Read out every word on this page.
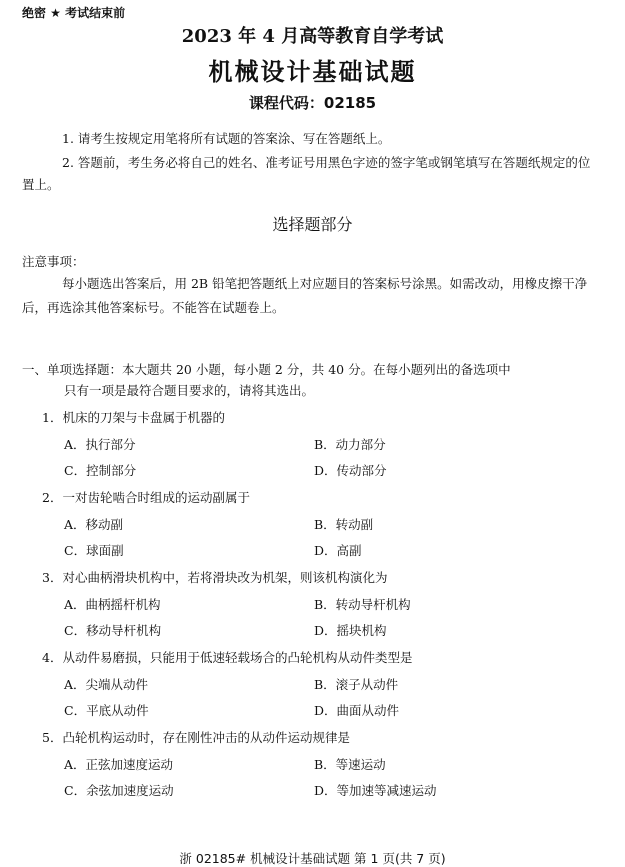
绝密 ★ 考试结束前
2023 年 4 月高等教育自学考试
机械设计基础试题
课程代码：02185
1. 请考生按规定用笔将所有试题的答案涂、写在答题纸上。
2. 答题前，考生务必将自己的姓名、准考证号用黑色字迹的签字笔或钢笔填写在答题纸规定的位置上。
选择题部分
注意事项：
每小题选出答案后，用 2B 铅笔把答题纸上对应题目的答案标号涂黑。如需改动，用橡皮擦干净后，再选涂其他答案标号。不能答在试题卷上。
一、单项选择题：本大题共 20 小题，每小题 2 分，共 40 分。在每小题列出的备选项中
只有一项是最符合题目要求的，请将其选出。
1．机床的刀架与卡盘属于机器的
A．执行部分	B．动力部分
C．控制部分	D．传动部分
2．一对齿轮啮合时组成的运动副属于
A．移动副	B．转动副
C．球面副	D．高副
3．对心曲柄滑块机构中，若将滑块改为机架，则该机构演化为
A．曲柄摇杆机构	B．转动导杆机构
C．移动导杆机构	D．摇块机构
4．从动件易磨损，只能用于低速轻载场合的凸轮机构从动件类型是
A．尖端从动件	B．滚子从动件
C．平底从动件	D．曲面从动件
5．凸轮机构运动时，存在刚性冲击的从动件运动规律是
A．正弦加速度运动	B．等速运动
C．余弦加速度运动	D．等加速等减速运动
浙 02185# 机械设计基础试题 第 1 页(共 7 页)
